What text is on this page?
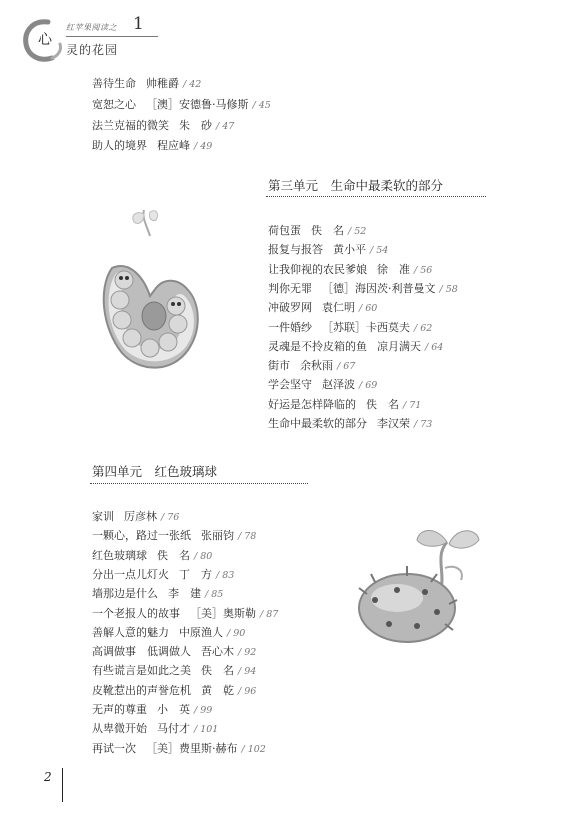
心
红苹果阅读之 1
灵的花园
善待生命 帅稚爵 / 42
宽恕之心 ［澳］安德鲁·马修斯 / 45
法兰克福的微笑 朱　砂 / 47
助人的境界 程应峰 / 49
第三单元　生命中最柔软的部分
荷包蛋 佚　名 / 52
报复与报答 黄小平 / 54
让我仰视的农民爹娘 徐　准 / 56
判你无罪 ［德］海因茨·利普曼文 / 58
冲破罗网 袁仁明 / 60
一件婚纱 ［苏联］卡西莫夫 / 62
灵魂是不拎皮箱的鱼 凉月满天 / 64
街市 余秋雨 / 67
学会坚守 赵泽波 / 69
好运是怎样降临的 佚　名 / 71
生命中最柔软的部分 李汉荣 / 73
第四单元　红色玻璃球
家训 厉彦林 / 76
一颗心，路过一张纸 张丽钧 / 78
红色玻璃球 佚　名 / 80
分出一点儿灯火 丁　方 / 83
墙那边是什么 李　建 / 85
一个老报人的故事 ［美］奥斯勒 / 87
善解人意的魅力 中原渔人 / 90
高调做事　低调做人 吾心木 / 92
有些谎言是如此之美 佚　名 / 94
皮靴惹出的声誉危机 黄　乾 / 96
无声的尊重 小　英 / 99
从卑微开始 马付才 / 101
再试一次 ［美］费里斯·赫布 / 102
2
